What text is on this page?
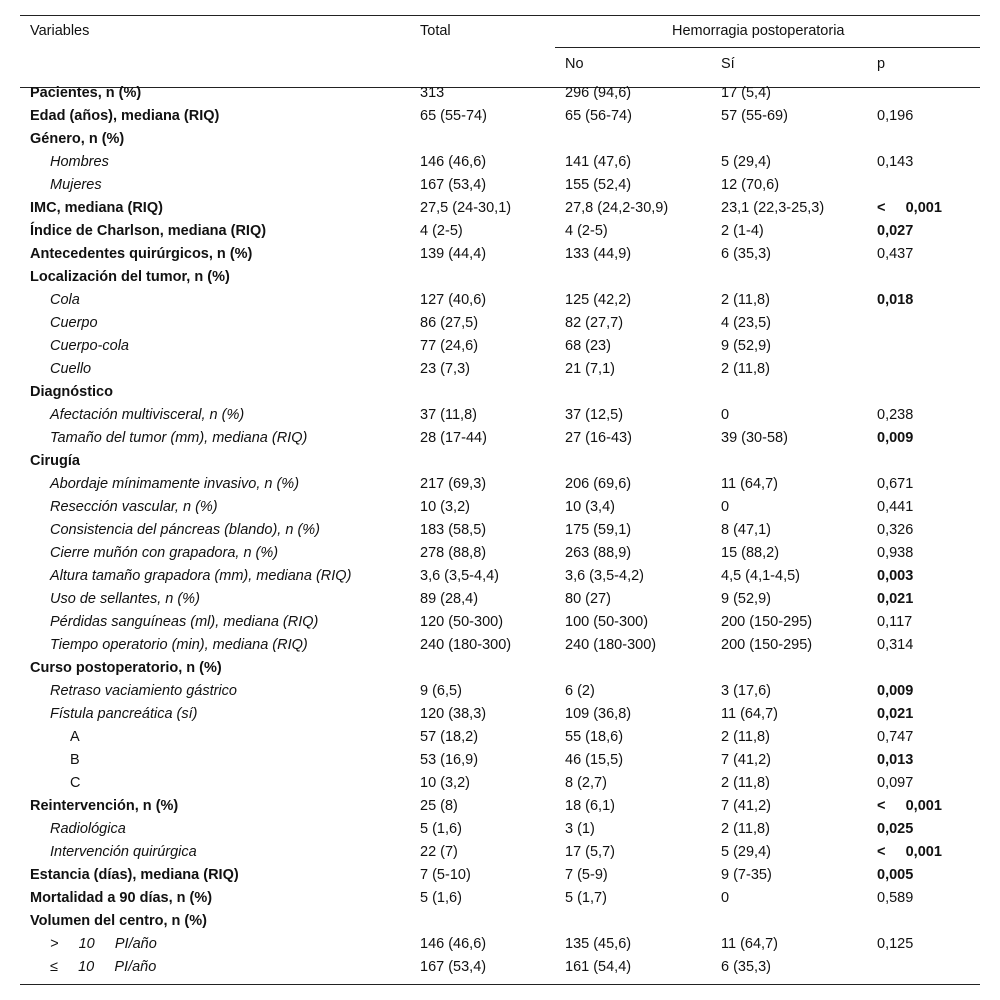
Variables	Total	Hemorragia postoperatoria
No	Sí	p
Pacientes, n (%)	313	296 (94,6)	17 (5,4)
Edad (años), mediana (RIQ)	65 (55-74)	65 (56-74)	57 (55-69)	0,196
Género, n (%)
Hombres	146 (46,6)	141 (47,6)	5 (29,4)	0,143
Mujeres	167 (53,4)	155 (52,4)	12 (70,6)
IMC, mediana (RIQ)	27,5 (24-30,1)	27,8 (24,2-30,9)	23,1 (22,3-25,3)	<     0,001
Índice de Charlson, mediana (RIQ)	4 (2-5)	4 (2-5)	2 (1-4)	0,027
Antecedentes quirúrgicos, n (%)	139 (44,4)	133 (44,9)	6 (35,3)	0,437
Localización del tumor, n (%)
Cola	127 (40,6)	125 (42,2)	2 (11,8)	0,018
Cuerpo	86 (27,5)	82 (27,7)	4 (23,5)
Cuerpo-cola	77 (24,6)	68 (23)	9 (52,9)
Cuello	23 (7,3)	21 (7,1)	2 (11,8)
Diagnóstico
Afectación multivisceral, n (%)	37 (11,8)	37 (12,5)	0	0,238
Tamaño del tumor (mm), mediana (RIQ)	28 (17-44)	27 (16-43)	39 (30-58)	0,009
Cirugía
Abordaje mínimamente invasivo, n (%)	217 (69,3)	206 (69,6)	11 (64,7)	0,671
Resección vascular, n (%)	10 (3,2)	10 (3,4)	0	0,441
Consistencia del páncreas (blando), n (%)	183 (58,5)	175 (59,1)	8 (47,1)	0,326
Cierre muñón con grapadora, n (%)	278 (88,8)	263 (88,9)	15 (88,2)	0,938
Altura tamaño grapadora (mm), mediana (RIQ)	3,6 (3,5-4,4)	3,6 (3,5-4,2)	4,5 (4,1-4,5)	0,003
Uso de sellantes, n (%)	89 (28,4)	80 (27)	9 (52,9)	0,021
Pérdidas sanguíneas (ml), mediana (RIQ)	120 (50-300)	100 (50-300)	200 (150-295)	0,117
Tiempo operatorio (min), mediana (RIQ)	240 (180-300)	240 (180-300)	200 (150-295)	0,314
Curso postoperatorio, n (%)
Retraso vaciamiento gástrico	9 (6,5)	6 (2)	3 (17,6)	0,009
Fístula pancreática (sí)	120 (38,3)	109 (36,8)	11 (64,7)	0,021
A	57 (18,2)	55 (18,6)	2 (11,8)	0,747
B	53 (16,9)	46 (15,5)	7 (41,2)	0,013
C	10 (3,2)	8 (2,7)	2 (11,8)	0,097
Reintervención, n (%)	25 (8)	18 (6,1)	7 (41,2)	<     0,001
Radiológica	5 (1,6)	3 (1)	2 (11,8)	0,025
Intervención quirúrgica	22 (7)	17 (5,7)	5 (29,4)	<     0,001
Estancia (días), mediana (RIQ)	7 (5-10)	7 (5-9)	9 (7-35)	0,005
Mortalidad a 90 días, n (%)	5 (1,6)	5 (1,7)	0	0,589
Volumen del centro, n (%)
>     10     PI/año	146 (46,6)	135 (45,6)	11 (64,7)	0,125
≤     10     PI/año	167 (53,4)	161 (54,4)	6 (35,3)
